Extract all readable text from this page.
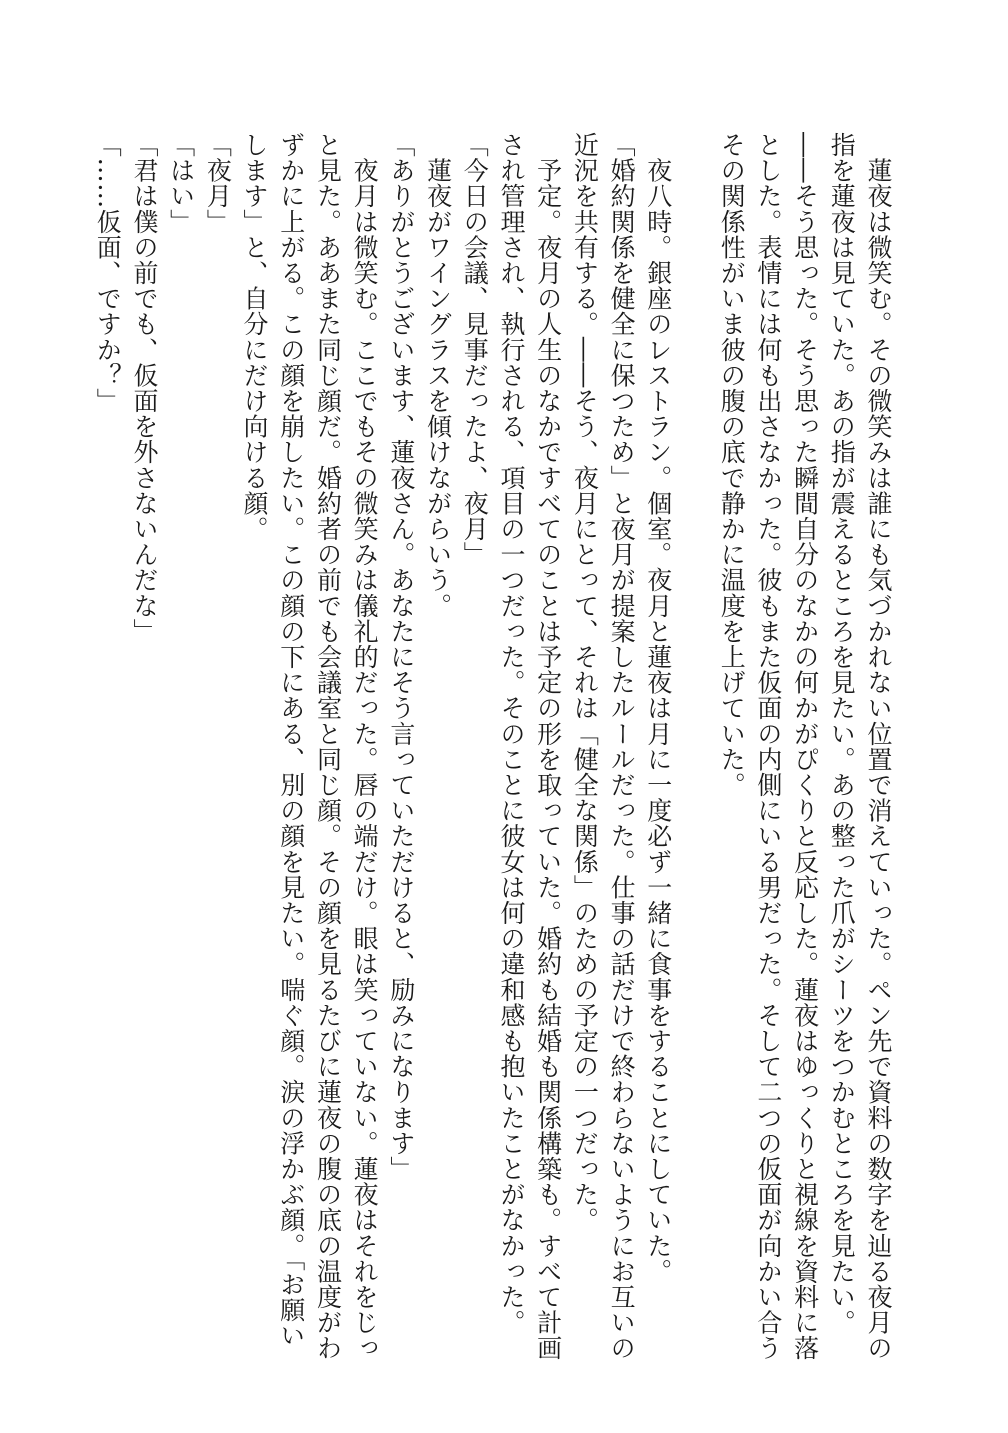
　蓮夜は微笑む。その微笑みは誰にも気づかれない位置で消えていった。ペン先で資料の数字を辿る夜月の

指を蓮夜は見ていた。あの指が震えるところを見たい。あの整った爪がシーツをつかむところを見たい。

――そう思った。そう思った瞬間自分のなかの何かがぴくりと反応した。蓮夜はゆっくりと視線を資料に落

とした。表情には何も出さなかった。彼もまた仮面の内側にいる男だった。そして二つの仮面が向かい合う

その関係性がいま彼の腹の底で静かに温度を上げていた。

　夜八時。銀座のレストラン。個室。夜月と蓮夜は月に一度必ず一緒に食事をすることにしていた。

「婚約関係を健全に保つため」と夜月が提案したルールだった。仕事の話だけで終わらないようにお互いの

近況を共有する。――そう、夜月にとって、それは「健全な関係」のための予定の一つだった。

　予定。夜月の人生のなかですべてのことは予定の形を取っていた。婚約も結婚も関係構築も。すべて計画

され管理され、執行される、項目の一つだった。そのことに彼女は何の違和感も抱いたことがなかった。

「今日の会議、見事だったよ、夜月」

　蓮夜がワイングラスを傾けながらいう。

「ありがとうございます、蓮夜さん。あなたにそう言っていただけると、励みになります」

　夜月は微笑む。ここでもその微笑みは儀礼的だった。唇の端だけ。眼は笑っていない。蓮夜はそれをじっ

と見た。ああまた同じ顔だ。婚約者の前でも会議室と同じ顔。その顔を見るたびに蓮夜の腹の底の温度がわ

ずかに上がる。この顔を崩したい。この顔の下にある、別の顔を見たい。喘ぐ顔。涙の浮かぶ顔。「お願い

します」と、自分にだけ向ける顔。

「夜月」

「はい」

「君は僕の前でも、仮面を外さないんだな」

「……仮面、ですか？」
